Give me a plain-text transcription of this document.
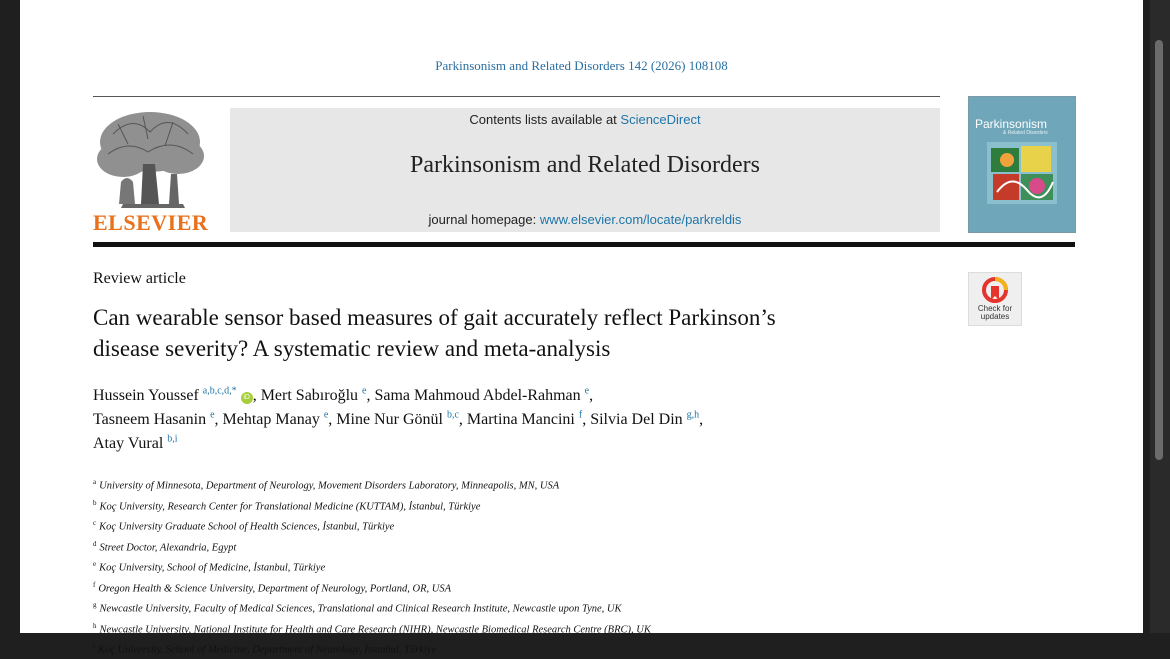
Parkinsonism and Related Disorders 142 (2026) 108108
ELSEVIER
Contents lists available at ScienceDirect
Parkinsonism and Related Disorders
journal homepage: www.elsevier.com/locate/parkreldis
Parkinsonism
& Related Disorders
Review article
Check for
updates
Can wearable sensor based measures of gait accurately reflect Parkinson’s
disease severity? A systematic review and meta-analysis
Hussein Youssef $^{a,b,c,d,*}$ iD , Mert Sabıroğlu $^e$, Sama Mahmoud Abdel-Rahman $^e$,
Tasneem Hasanin $^e$, Mehtap Manay $^e$, Mine Nur Gönül $^{b,c}$, Martina Mancini $^f$, Silvia Del Din $^{g,h}$,
Atay Vural $^{b,i}$
$^a$ University of Minnesota, Department of Neurology, Movement Disorders Laboratory, Minneapolis, MN, USA
$^b$ Koç University, Research Center for Translational Medicine (KUTTAM), İstanbul, Türkiye
$^c$ Koç University Graduate School of Health Sciences, İstanbul, Türkiye
$^d$ Street Doctor, Alexandria, Egypt
$^e$ Koç University, School of Medicine, İstanbul, Türkiye
$^f$ Oregon Health & Science University, Department of Neurology, Portland, OR, USA
$^g$ Newcastle University, Faculty of Medical Sciences, Translational and Clinical Research Institute, Newcastle upon Tyne, UK
$^h$ Newcastle University, National Institute for Health and Care Research (NIHR), Newcastle Biomedical Research Centre (BRC), UK
$^i$ Koç University, School of Medicine, Department of Neurology, İstanbul, Türkiye
